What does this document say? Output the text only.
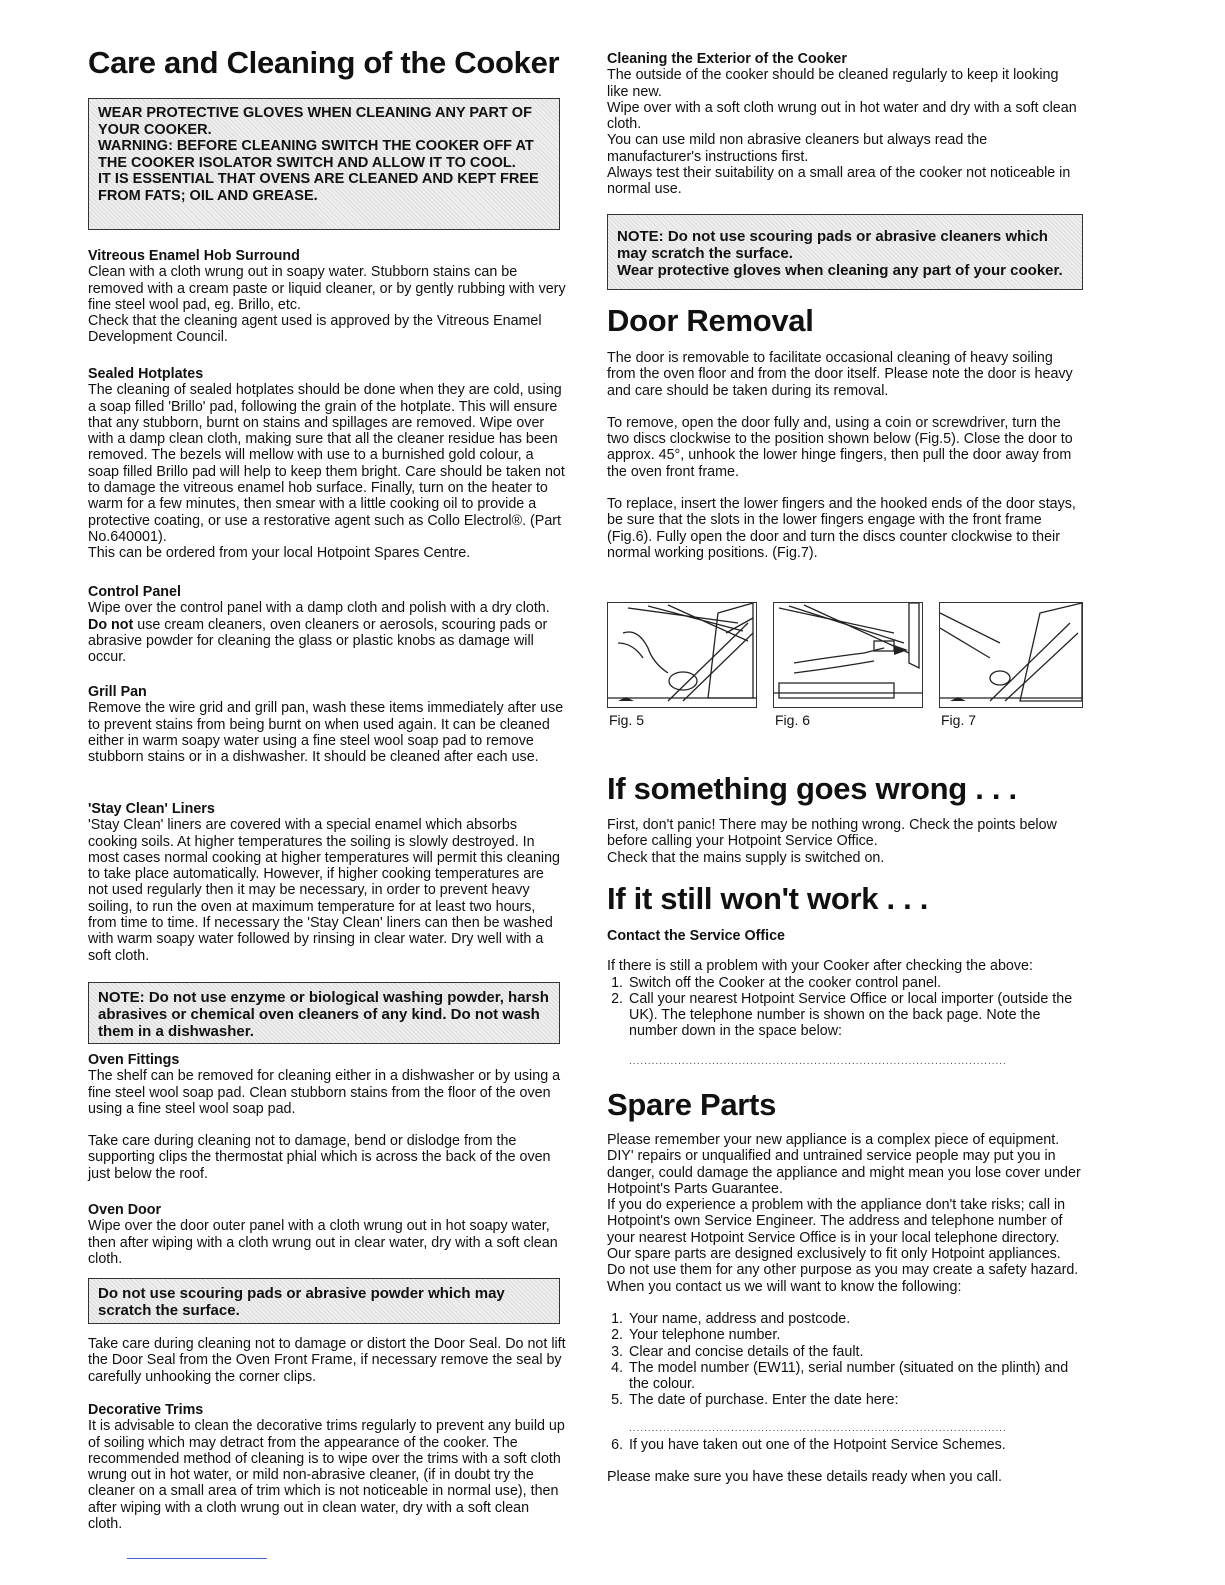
Care and Cleaning of the Cooker

WEAR PROTECTIVE GLOVES WHEN CLEANING ANY PART OF YOUR COOKER.

WARNING: BEFORE CLEANING SWITCH THE COOKER OFF AT THE COOKER ISOLATOR SWITCH AND ALLOW IT TO COOL.

IT IS ESSENTIAL THAT OVENS ARE CLEANED AND KEPT FREE FROM FATS; OIL AND GREASE.

Vitreous Enamel Hob Surround

Clean with a cloth wrung out in soapy water. Stubborn stains can be removed with a cream paste or liquid cleaner, or by gently rubbing with very fine steel wool pad, eg. Brillo, etc.

Check that the cleaning agent used is approved by the Vitreous Enamel Development Council.

Sealed Hotplates

The cleaning of sealed hotplates should be done when they are cold, using a soap filled 'Brillo' pad, following the grain of the hotplate. This will ensure that any stubborn, burnt on stains and spillages are removed. Wipe over with a damp clean cloth, making sure that all the cleaner residue has been removed. The bezels will mellow with use to a burnished gold colour, a soap filled Brillo pad will help to keep them bright. Care should be taken not to damage the vitreous enamel hob surface. Finally, turn on the heater to warm for a few minutes, then smear with a little cooking oil to provide a protective coating, or use a restorative agent such as Collo Electrol®. (Part No.640001).

This can be ordered from your local Hotpoint Spares Centre.

Control Panel

Wipe over the control panel with a damp cloth and polish with a dry cloth. Do not use cream cleaners, oven cleaners or aerosols, scouring pads or abrasive powder for cleaning the glass or plastic knobs as damage will occur.

Grill Pan

Remove the wire grid and grill pan, wash these items immediately after use to prevent stains from being burnt on when used again. It can be cleaned either in warm soapy water using a fine steel wool soap pad to remove stubborn stains or in a dishwasher. It should be cleaned after each use.

'Stay Clean' Liners

'Stay Clean' liners are covered with a special enamel which absorbs cooking soils. At higher temperatures the soiling is slowly destroyed. In most cases normal cooking at higher temperatures will permit this cleaning to take place automatically. However, if higher cooking temperatures are not used regularly then it may be necessary, in order to prevent heavy soiling, to run the oven at maximum temperature for at least two hours, from time to time. If necessary the 'Stay Clean' liners can then be washed with warm soapy water followed by rinsing in clear water. Dry well with a soft cloth.

NOTE: Do not use enzyme or biological washing powder, harsh abrasives or chemical oven cleaners of any kind. Do not wash them in a dishwasher.

Oven Fittings

The shelf can be removed for cleaning either in a dishwasher or by using a fine steel wool soap pad. Clean stubborn stains from the floor of the oven using a fine steel wool soap pad.

Take care during cleaning not to damage, bend or dislodge from the supporting clips the thermostat phial which is across the back of the oven just below the roof.

Oven Door

Wipe over the door outer panel with a cloth wrung out in hot soapy water, then after wiping with a cloth wrung out in clear water, dry with a soft clean cloth.

Do not use scouring pads or abrasive powder which may scratch the surface.

Take care during cleaning not to damage or distort the Door Seal. Do not lift the Door Seal from the Oven Front Frame, if necessary remove the seal by carefully unhooking the corner clips.

Decorative Trims

It is advisable to clean the decorative trims regularly to prevent any build up of soiling which may detract from the appearance of the cooker. The recommended method of cleaning is to wipe over the trims with a soft cloth wrung out in hot water, or mild non-abrasive cleaner, (if in doubt try the cleaner on a small area of trim which is not noticeable in normal use), then after wiping with a cloth wrung out in clean water, dry with a soft clean cloth.

Cleaning the Exterior of the Cooker

The outside of the cooker should be cleaned regularly to keep it looking like new.

Wipe over with a soft cloth wrung out in hot water and dry with a soft clean cloth.

You can use mild non abrasive cleaners but always read the manufacturer's instructions first.

Always test their suitability on a small area of the cooker not noticeable in normal use.

NOTE: Do not use scouring pads or abrasive cleaners which may scratch the surface.

Wear protective gloves when cleaning any part of your cooker.

Door Removal

The door is removable to facilitate occasional cleaning of heavy soiling from the oven floor and from the door itself. Please note the door is heavy and care should be taken during its removal.

To remove, open the door fully and, using a coin or screwdriver, turn the two discs clockwise to the position shown below (Fig.5). Close the door to approx. 45°, unhook the lower hinge fingers, then pull the door away from the oven front frame.

To replace, insert the lower fingers and the hooked ends of the door stays, be sure that the slots in the lower fingers engage with the front frame (Fig.6). Fully open the door and turn the discs counter clockwise to their normal working positions. (Fig.7).

Fig. 5	Fig. 6	Fig. 7
If something goes wrong . . .

First, don't panic! There may be nothing wrong. Check the points below before calling your Hotpoint Service Office.

Check that the mains supply is switched on.

If it still won't work . . .
Contact the Service Office

If there is still a problem with your Cooker after checking the above:

1. Switch off the Cooker at the cooker control panel.
2. Call your nearest Hotpoint Service Office or local importer (outside the UK). The telephone number is shown on the back page. Note the number down in the space below:
....................................................................................................
Spare Parts

Please remember your new appliance is a complex piece of equipment.

DIY' repairs or unqualified and untrained service people may put you in danger, could damage the appliance and might mean you lose cover under Hotpoint's Parts Guarantee.

If you do experience a problem with the appliance don't take risks; call in Hotpoint's own Service Engineer. The address and telephone number of your nearest Hotpoint Service Office is in your local telephone directory.

Our spare parts are designed exclusively to fit only Hotpoint appliances. Do not use them for any other purpose as you may create a safety hazard.

When you contact us we will want to know the following:

1. Your name, address and postcode.
2. Your telephone number.
3. Clear and concise details of the fault.
4. The model number (EW11), serial number (situated on the plinth) and the colour.
5. The date of purchase. Enter the date here:
....................................................................................................
6. If you have taken out one of the Hotpoint Service Schemes.

Please make sure you have these details ready when you call.
